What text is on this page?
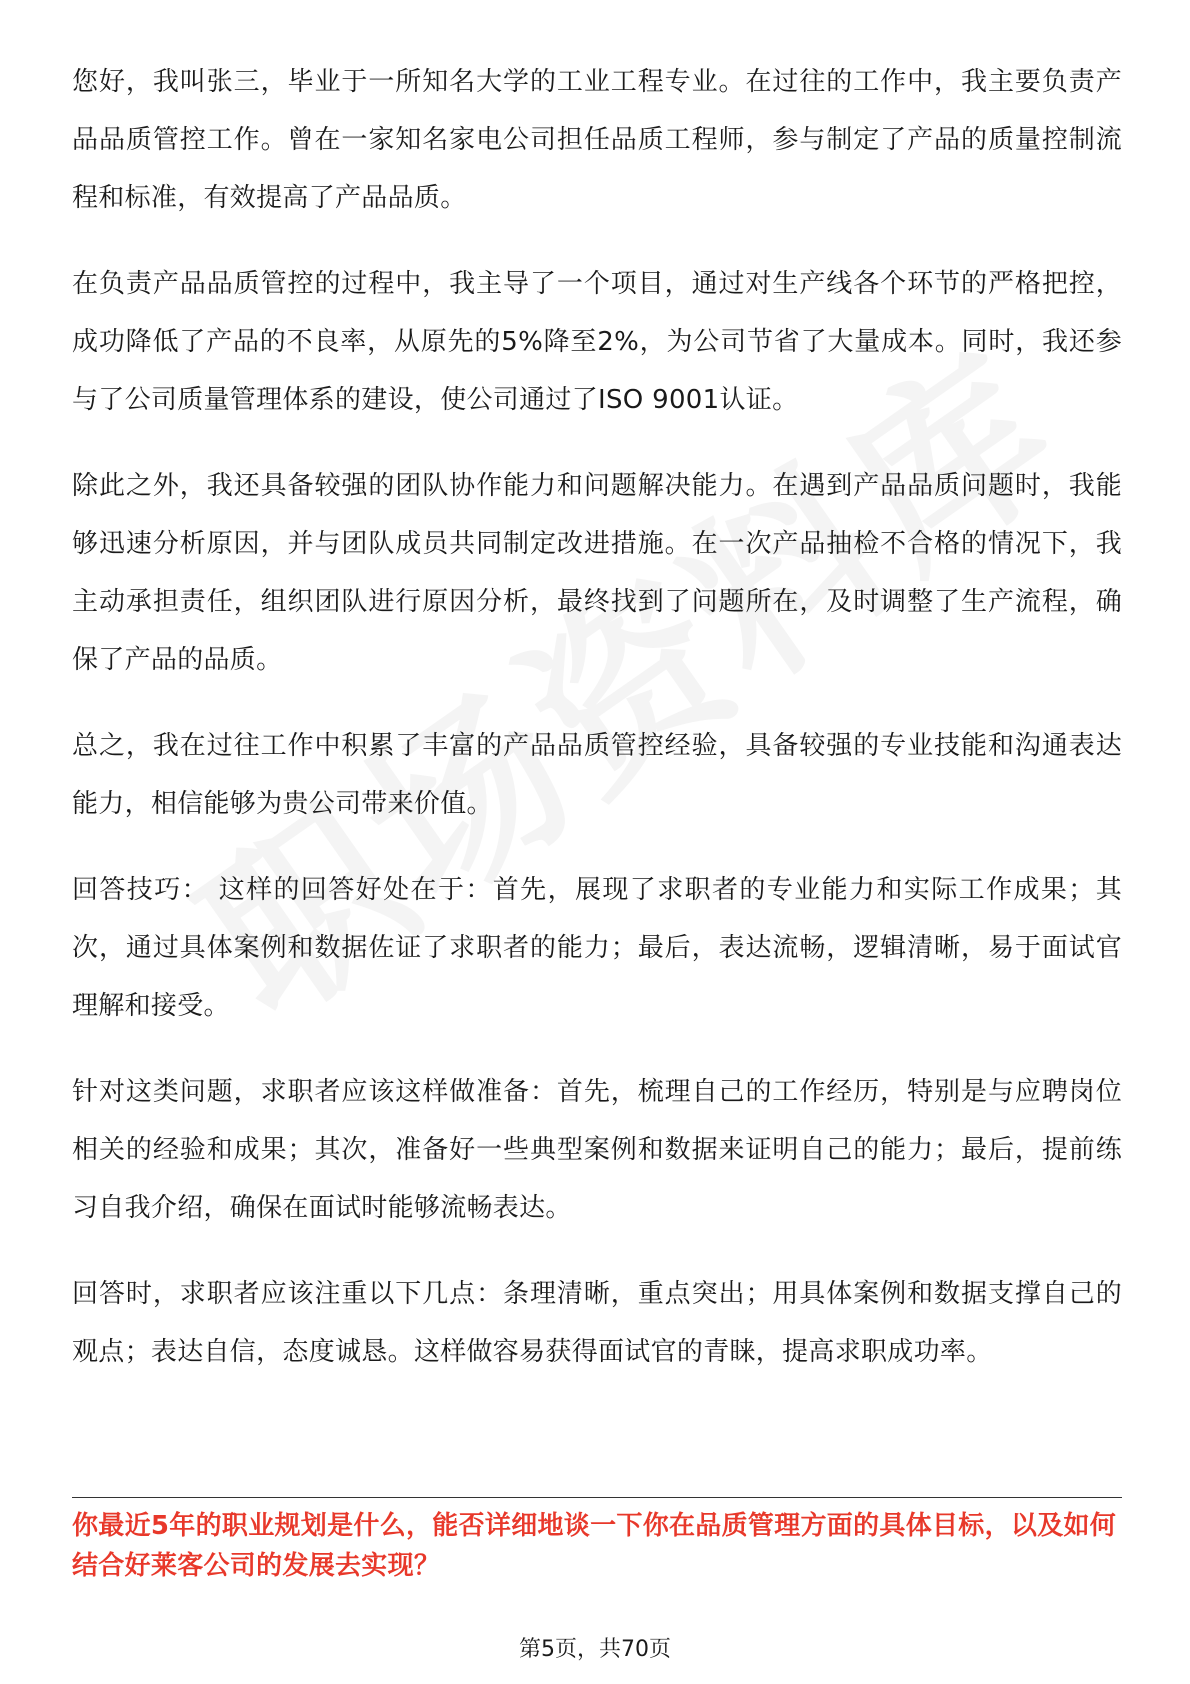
您好，我叫张三，毕业于一所知名大学的工业工程专业。在过往的工作中，我主要负责产品品质管控工作。曾在一家知名家电公司担任品质工程师，参与制定了产品的质量控制流程和标准，有效提高了产品品质。

在负责产品品质管控的过程中，我主导了一个项目，通过对生产线各个环节的严格把控，成功降低了产品的不良率，从原先的5%降至2%，为公司节省了大量成本。同时，我还参与了公司质量管理体系的建设，使公司通过了ISO 9001认证。

除此之外，我还具备较强的团队协作能力和问题解决能力。在遇到产品品质问题时，我能够迅速分析原因，并与团队成员共同制定改进措施。在一次产品抽检不合格的情况下，我主动承担责任，组织团队进行原因分析，最终找到了问题所在，及时调整了生产流程，确保了产品的品质。

总之，我在过往工作中积累了丰富的产品品质管控经验，具备较强的专业技能和沟通表达能力，相信能够为贵公司带来价值。

回答技巧： 这样的回答好处在于：首先，展现了求职者的专业能力和实际工作成果；其次，通过具体案例和数据佐证了求职者的能力；最后，表达流畅，逻辑清晰，易于面试官理解和接受。

针对这类问题，求职者应该这样做准备：首先，梳理自己的工作经历，特别是与应聘岗位相关的经验和成果；其次，准备好一些典型案例和数据来证明自己的能力；最后，提前练习自我介绍，确保在面试时能够流畅表达。

回答时，求职者应该注重以下几点：条理清晰，重点突出；用具体案例和数据支撑自己的观点；表达自信，态度诚恳。这样做容易获得面试官的青睐，提高求职成功率。

你最近5年的职业规划是什么，能否详细地谈一下你在品质管理方面的具体目标，以及如何结合好莱客公司的发展去实现？

第5页，共70页
